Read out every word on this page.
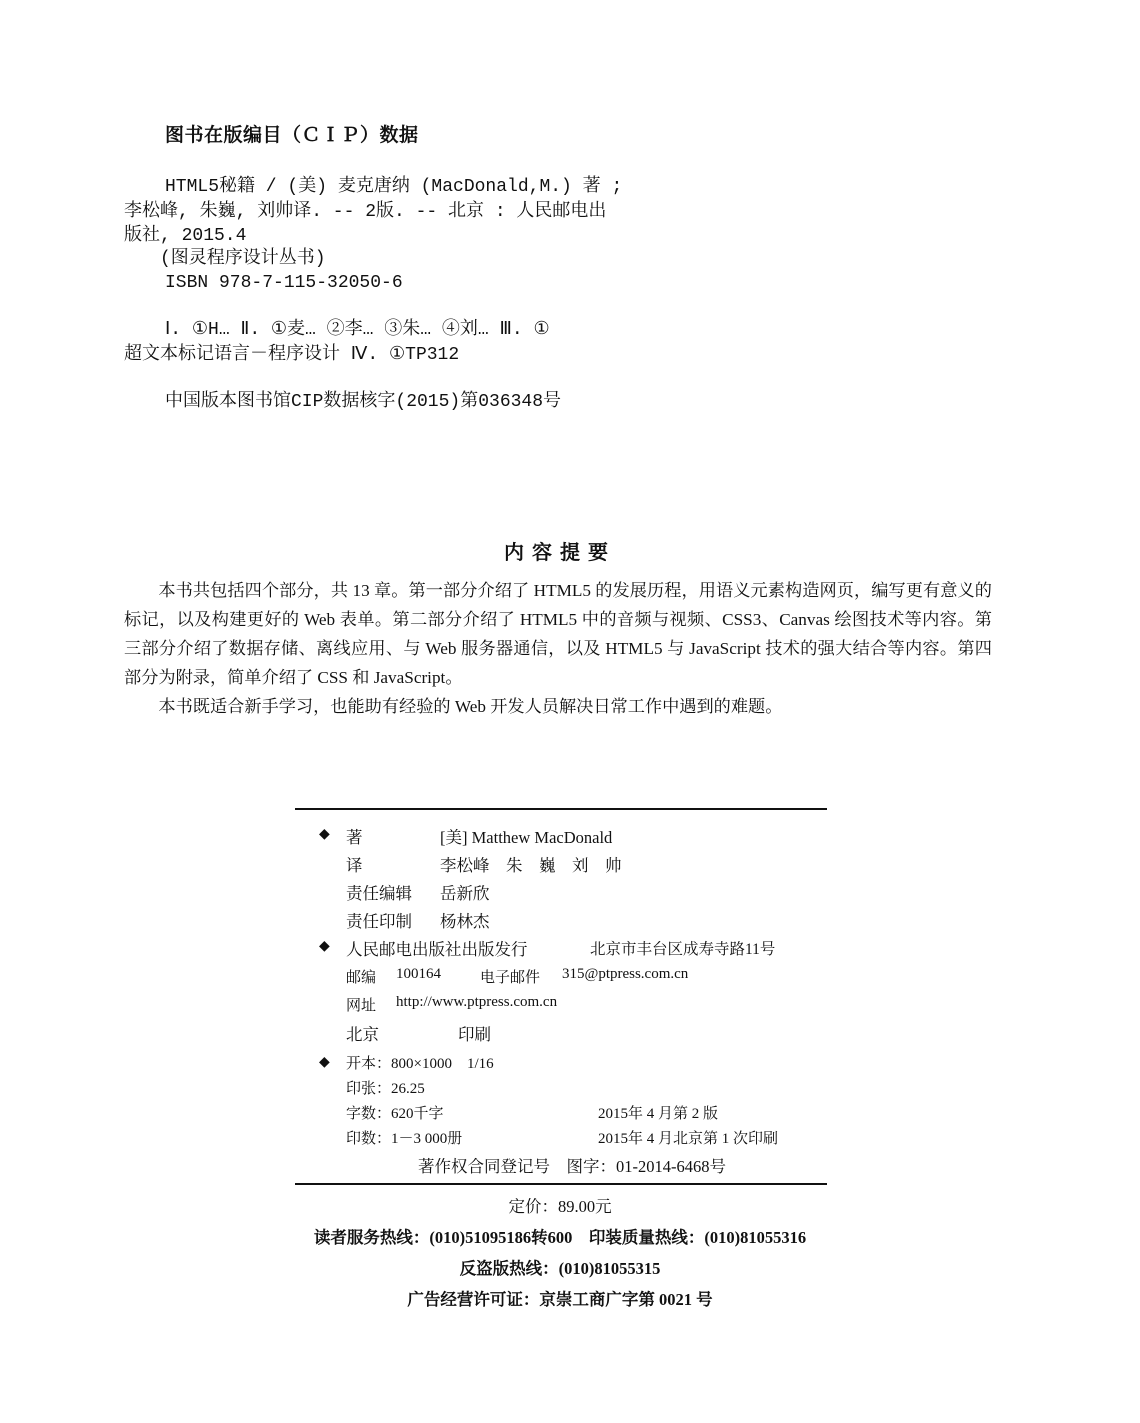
图书在版编目（ＣＩＰ）数据
HTML5秘籍 / (美) 麦克唐纳 (MacDonald,M.) 著 ;
李松峰, 朱巍, 刘帅译. -- 2版. -- 北京 : 人民邮电出
版社, 2015.4
(图灵程序设计丛书)
ISBN 978-7-115-32050-6
Ⅰ. ①H… Ⅱ. ①麦… ②李… ③朱… ④刘… Ⅲ. ①
超文本标记语言－程序设计 Ⅳ. ①TP312
中国版本图书馆CIP数据核字(2015)第036348号
内容提要

本书共包括四个部分，共 13 章。第一部分介绍了 HTML5 的发展历程，用语义元素构造网页，编写更有意义的标记，以及构建更好的 Web 表单。第二部分介绍了 HTML5 中的音频与视频、CSS3、Canvas 绘图技术等内容。第三部分介绍了数据存储、离线应用、与 Web 服务器通信，以及 HTML5 与 JavaScript 技术的强大结合等内容。第四部分为附录，简单介绍了 CSS 和 JavaScript。

本书既适合新手学习，也能助有经验的 Web 开发人员解决日常工作中遇到的难题。

◆ 著	[美] Matthew MacDonald
译	李松峰　朱　巍　刘　帅
责任编辑 岳新欣
责任印制 杨林杰
◆ 人民邮电出版社出版发行	北京市丰台区成寿寺路11号
邮编 100164	电子邮件 315@ptpress.com.cn
网址 http://www.ptpress.com.cn
北京	印刷
◆ 开本：800×1000　1/16
印张：26.25
字数：620千字	2015年 4 月第 2 版
印数：1－3 000册	2015年 4 月北京第 1 次印刷
著作权合同登记号　图字：01-2014-6468号
定价：89.00元
读者服务热线：(010)51095186转600　印装质量热线：(010)81055316
反盗版热线：(010)81055315
广告经营许可证：京崇工商广字第 0021 号
